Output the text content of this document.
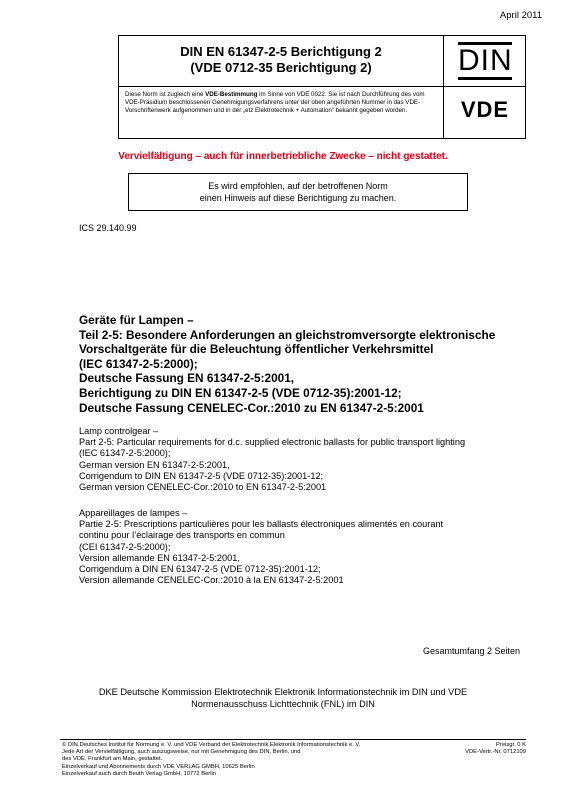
April 2011
DIN EN 61347-2-5 Berichtigung 2
(VDE 0712-35 Berichtigung 2)	DIN
Diese Norm ist zugleich eine VDE-Bestimmung im Sinne von VDE 0022. Sie ist nach Durchführung des vom VDE-Präsidium beschlossenen Genehmigungsverfahrens unter der oben angeführten Nummer in das VDE-Vorschriftenwerk aufgenommen und in der „etz Elektrotechnik + Automation“ bekannt gegeben worden.	VDE
Vervielfältigung – auch für innerbetriebliche Zwecke – nicht gestattet.
Es wird empfohlen, auf der betroffenen Norm
einen Hinweis auf diese Berichtigung zu machen.
ICS 29.140.99
Geräte für Lampen –
Teil 2-5: Besondere Anforderungen an gleichstromversorgte elektronische
Vorschaltgeräte für die Beleuchtung öffentlicher Verkehrsmittel
(IEC 61347-2-5:2000);
Deutsche Fassung EN 61347-2-5:2001,
Berichtigung zu DIN EN 61347-2-5 (VDE 0712-35):2001-12;
Deutsche Fassung CENELEC-Cor.:2010 zu EN 61347-2-5:2001
Lamp controlgear –
Part 2-5: Particular requirements for d.c. supplied electronic ballasts for public transport lighting
(IEC 61347-2-5:2000);
German version EN 61347-2-5:2001,
Corrigendum to DIN EN 61347-2-5 (VDE 0712-35):2001-12;
German version CENELEC-Cor.:2010 to EN 61347-2-5:2001
Appareillages de lampes –
Partie 2-5: Prescriptions particulières pour les ballasts électroniques alimentés en courant
continu pour l’éclairage des transports en commun
(CEI 61347-2-5:2000);
Version allemande EN 61347-2-5:2001,
Corrigendum à DIN EN 61347-2-5 (VDE 0712-35):2001-12;
Version allemande CENELEC-Cor.:2010 à la EN 61347-2-5:2001
Gesamtumfang 2 Seiten
DKE Deutsche Kommission Elektrotechnik Elektronik Informationstechnik im DIN und VDE
Normenausschuss Lichttechnik (FNL) im DIN
© DIN Deutsches Institut für Normung e. V. und VDE Verband der Elektrotechnik Elektronik Informationstechnik e. V.
Jede Art der Vervielfältigung, auch auszugsweise, nur mit Genehmigung des DIN, Berlin, und
des VDE, Frankfurt am Main, gestattet.
Einzelverkauf und Abonnements durch VDE VERLAG GMBH, 10625 Berlin
Einzelverkauf auch durch Beuth Verlag GmbH, 10772 Berlin
Preisgr. 0 K
VDE-Vertr.-Nr. 0712109
